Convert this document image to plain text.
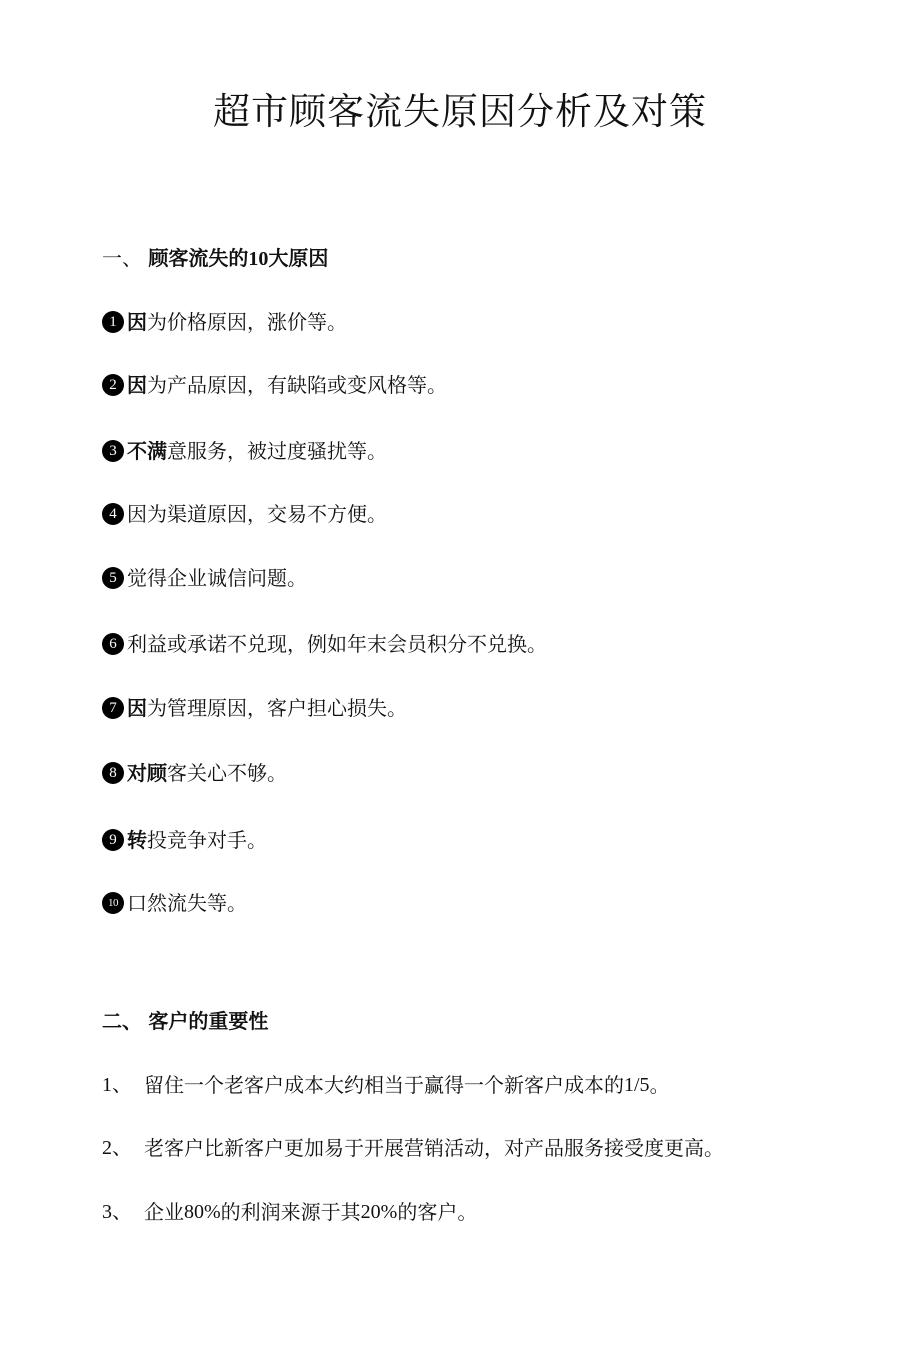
超市顾客流失原因分析及对策
一、 顾客流失的10大原因
1 因 为价格原因，涨价等。
2 因 为产品原因，有缺陷或变风格等。
3 不满 意服务，被过度骚扰等。
4 因为渠道原因，交易不方便。
5 觉得企业诚信问题。
6 利益或承诺不兑现，例如年末会员积分不兑换。
7 因 为管理原因，客户担心损失。
8 对顾 客关心不够。
9 转 投竞争对手。
10 口然流失等。
二、 客户的重要性
1、 留住一个老客户成本大约相当于赢得一个新客户成本的 1/5 。
2、 老客户比新客户更加易于开展营销活动，对产品服务接受度更高。
3、 企业 80% 的利润来源于其 20% 的客户。
